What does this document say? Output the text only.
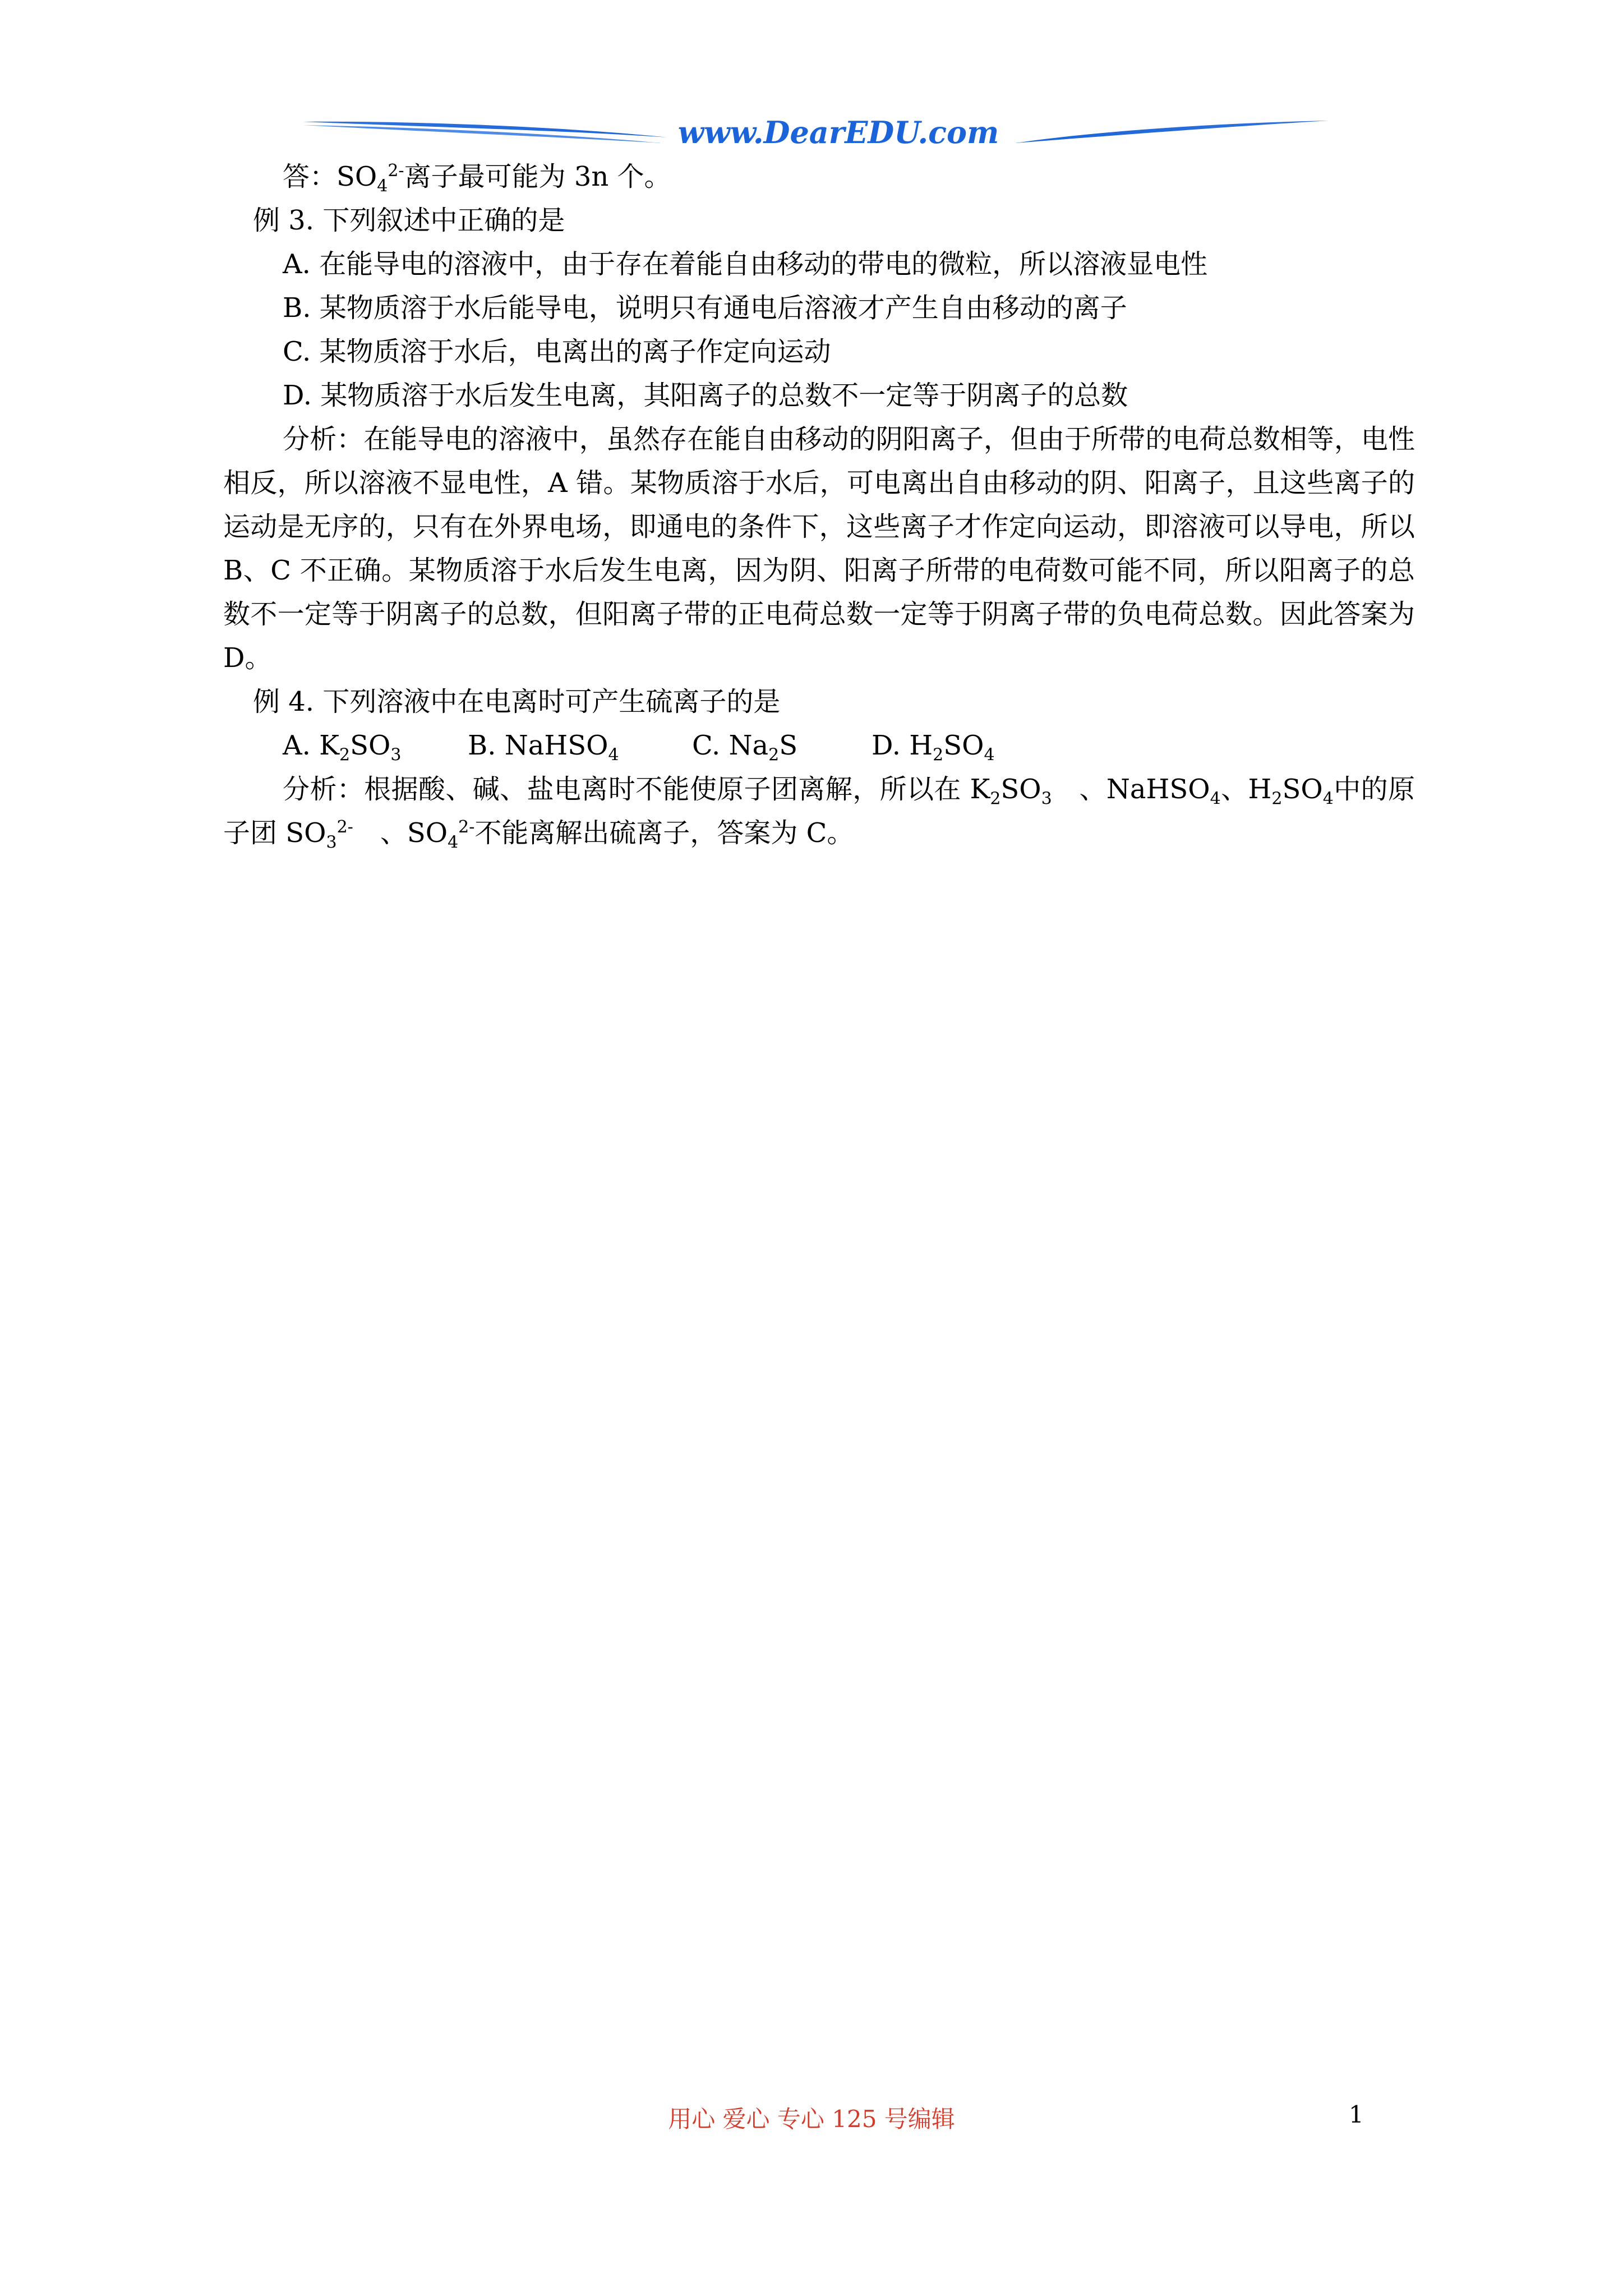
www.DearEDU.com
答：$SO_4^{2-}$离子最可能为 3n 个。
例 3. 下列叙述中正确的是
A. 在能导电的溶液中，由于存在着能自由移动的带电的微粒，所以溶液显电性
B. 某物质溶于水后能导电，说明只有通电后溶液才产生自由移动的离子
C. 某物质溶于水后，电离出的离子作定向运动
D. 某物质溶于水后发生电离，其阳离子的总数不一定等于阴离子的总数
分析：在能导电的溶液中，虽然存在能自由移动的阴阳离子，但由于所带的电荷总数相等，电性相反，所以溶液不显电性，A 错。某物质溶于水后，可电离出自由移动的阴、阳离子，且这些离子的运动是无序的，只有在外界电场，即通电的条件下，这些离子才作定向运动，即溶液可以导电，所以 B、C 不正确。某物质溶于水后发生电离，因为阴、阳离子所带的电荷数可能不同，所以阳离子的总数不一定等于阴离子的总数，但阳离子带的正电荷总数一定等于阴离子带的负电荷总数。因此答案为 D。
例 4. 下列溶液中在电离时可产生硫离子的是
A. $K_2SO_3$ B. NaHSO$_4$	C. $Na_2S$	D. $H_2SO_4$
分析：根据酸、碱、盐电离时不能使原子团离解，所以在 $K_2SO_3$　、NaHSO$_4$、$H_2SO_4$中的原子团 $SO_3^{2-}$　、$SO_4^{2-}$不能离解出硫离子，答案为 C。
用心 爱心 专心 125 号编辑	1
